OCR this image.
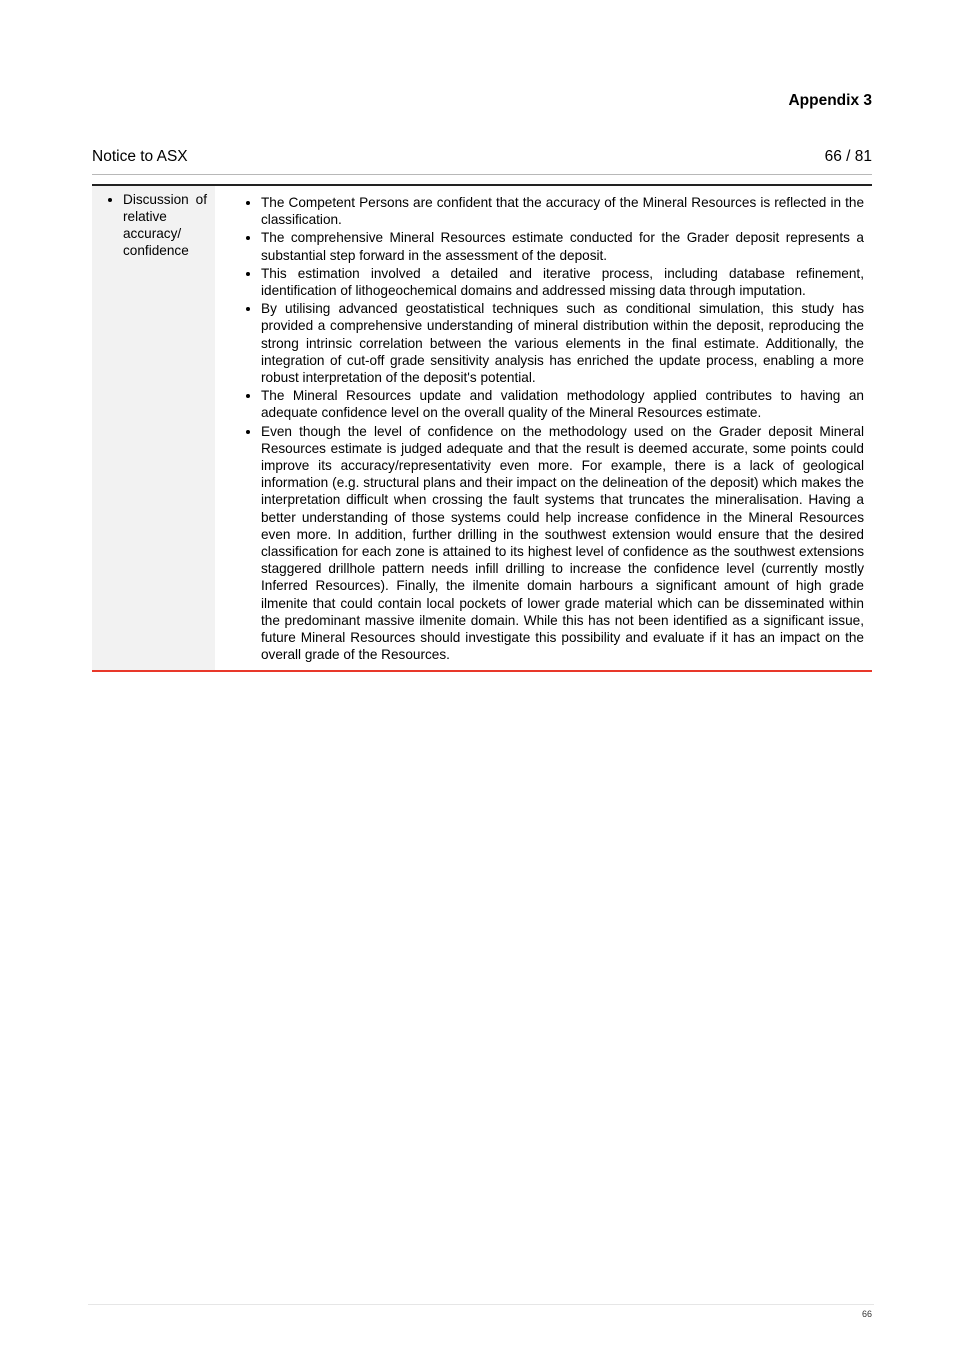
Appendix 3
Notice to ASX	66 / 81
• Discussion of relative accuracy/ confidence
• The Competent Persons are confident that the accuracy of the Mineral Resources is reflected in the classification.
• The comprehensive Mineral Resources estimate conducted for the Grader deposit represents a substantial step forward in the assessment of the deposit.
• This estimation involved a detailed and iterative process, including database refinement, identification of lithogeochemical domains and addressed missing data through imputation.
• By utilising advanced geostatistical techniques such as conditional simulation, this study has provided a comprehensive understanding of mineral distribution within the deposit, reproducing the strong intrinsic correlation between the various elements in the final estimate. Additionally, the integration of cut-off grade sensitivity analysis has enriched the update process, enabling a more robust interpretation of the deposit's potential.
• The Mineral Resources update and validation methodology applied contributes to having an adequate confidence level on the overall quality of the Mineral Resources estimate.
• Even though the level of confidence on the methodology used on the Grader deposit Mineral Resources estimate is judged adequate and that the result is deemed accurate, some points could improve its accuracy/representativity even more. For example, there is a lack of geological information (e.g. structural plans and their impact on the delineation of the deposit) which makes the interpretation difficult when crossing the fault systems that truncates the mineralisation. Having a better understanding of those systems could help increase confidence in the Mineral Resources even more. In addition, further drilling in the southwest extension would ensure that the desired classification for each zone is attained to its highest level of confidence as the southwest extensions staggered drillhole pattern needs infill drilling to increase the confidence level (currently mostly Inferred Resources). Finally, the ilmenite domain harbours a significant amount of high grade ilmenite that could contain local pockets of lower grade material which can be disseminated within the predominant massive ilmenite domain. While this has not been identified as a significant issue, future Mineral Resources should investigate this possibility and evaluate if it has an impact on the overall grade of the Resources.
66
